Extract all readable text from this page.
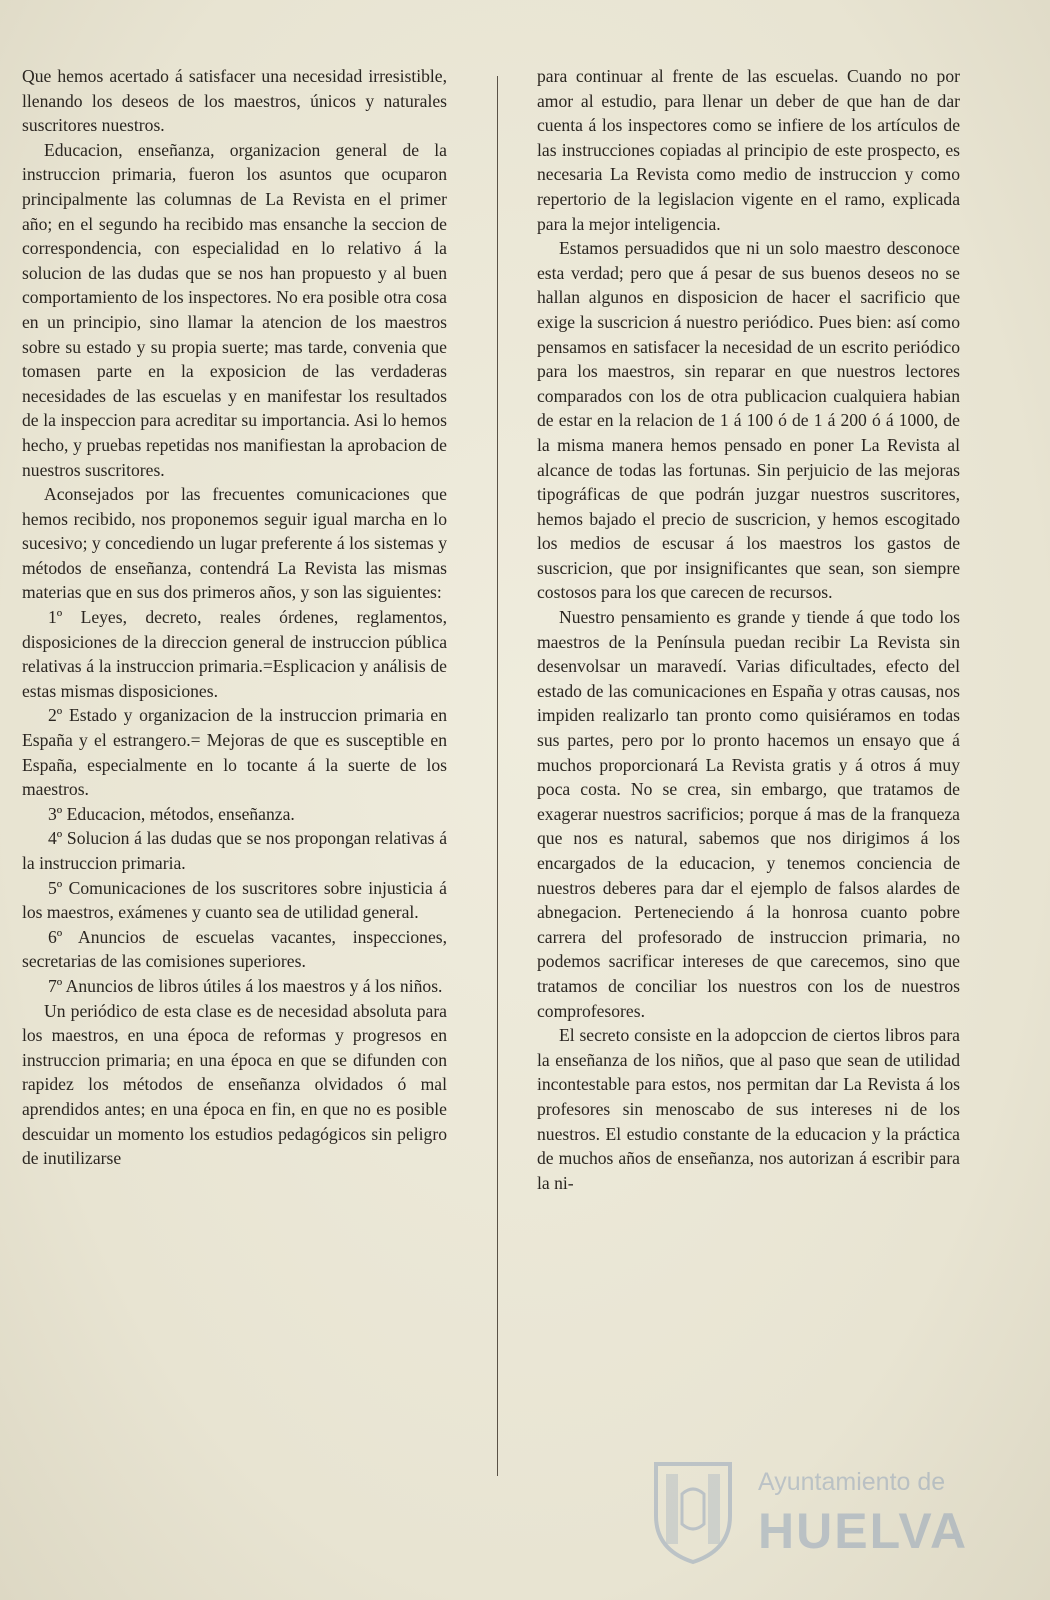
Que hemos acertado á satisfacer una necesidad irresistible, llenando los deseos de los maestros, únicos y naturales suscritores nuestros.

Educacion, enseñanza, organizacion general de la instruccion primaria, fueron los asuntos que ocuparon principalmente las columnas de La Revista en el primer año; en el segundo ha recibido mas ensanche la seccion de correspondencia, con especialidad en lo relativo á la solucion de las dudas que se nos han propuesto y al buen comportamiento de los inspectores. No era posible otra cosa en un principio, sino llamar la atencion de los maestros sobre su estado y su propia suerte; mas tarde, convenia que tomasen parte en la exposicion de las verdaderas necesidades de las escuelas y en manifestar los resultados de la inspeccion para acreditar su importancia. Asi lo hemos hecho, y pruebas repetidas nos manifiestan la aprobacion de nuestros suscritores.

Aconsejados por las frecuentes comunicaciones que hemos recibido, nos proponemos seguir igual marcha en lo sucesivo; y concediendo un lugar preferente á los sistemas y métodos de enseñanza, contendrá La Revista las mismas materias que en sus dos primeros años, y son las siguientes:

1º Leyes, decreto, reales órdenes, reglamentos, disposiciones de la direccion general de instruccion pública relativas á la instruccion primaria.=Esplicacion y análisis de estas mismas disposiciones.

2º Estado y organizacion de la instruccion primaria en España y el estrangero.= Mejoras de que es susceptible en España, especialmente en lo tocante á la suerte de los maestros.

3º Educacion, métodos, enseñanza.

4º Solucion á las dudas que se nos propongan relativas á la instruccion primaria.

5º Comunicaciones de los suscritores sobre injusticia á los maestros, exámenes y cuanto sea de utilidad general.

6º Anuncios de escuelas vacantes, inspecciones, secretarias de las comisiones superiores.

7º Anuncios de libros útiles á los maestros y á los niños.

Un periódico de esta clase es de necesidad absoluta para los maestros, en una época de reformas y progresos en instruccion primaria; en una época en que se difunden con rapidez los métodos de enseñanza olvidados ó mal aprendidos antes; en una época en fin, en que no es posible descuidar un momento los estudios pedagógicos sin peligro de inutilizarse

para continuar al frente de las escuelas. Cuando no por amor al estudio, para llenar un deber de que han de dar cuenta á los inspectores como se infiere de los artículos de las instrucciones copiadas al principio de este prospecto, es necesaria La Revista como medio de instruccion y como repertorio de la legislacion vigente en el ramo, explicada para la mejor inteligencia.

Estamos persuadidos que ni un solo maestro desconoce esta verdad; pero que á pesar de sus buenos deseos no se hallan algunos en disposicion de hacer el sacrificio que exige la suscricion á nuestro periódico. Pues bien: así como pensamos en satisfacer la necesidad de un escrito periódico para los maestros, sin reparar en que nuestros lectores comparados con los de otra publicacion cualquiera habian de estar en la relacion de 1 á 100 ó de 1 á 200 ó á 1000, de la misma manera hemos pensado en poner La Revista al alcance de todas las fortunas. Sin perjuicio de las mejoras tipográficas de que podrán juzgar nuestros suscritores, hemos bajado el precio de suscricion, y hemos escogitado los medios de escusar á los maestros los gastos de suscricion, que por insignificantes que sean, son siempre costosos para los que carecen de recursos.

Nuestro pensamiento es grande y tiende á que todo los maestros de la Península puedan recibir La Revista sin desenvolsar un maravedí. Varias dificultades, efecto del estado de las comunicaciones en España y otras causas, nos impiden realizarlo tan pronto como quisiéramos en todas sus partes, pero por lo pronto hacemos un ensayo que á muchos proporcionará La Revista gratis y á otros á muy poca costa. No se crea, sin embargo, que tratamos de exagerar nuestros sacrificios; porque á mas de la franqueza que nos es natural, sabemos que nos dirigimos á los encargados de la educacion, y tenemos conciencia de nuestros deberes para dar el ejemplo de falsos alardes de abnegacion. Perteneciendo á la honrosa cuanto pobre carrera del profesorado de instruccion primaria, no podemos sacrificar intereses de que carecemos, sino que tratamos de conciliar los nuestros con los de nuestros comprofesores.

El secreto consiste en la adopccion de ciertos libros para la enseñanza de los niños, que al paso que sean de utilidad incontestable para estos, nos permitan dar La Revista á los profesores sin menoscabo de sus intereses ni de los nuestros. El estudio constante de la educacion y la práctica de muchos años de enseñanza, nos autorizan á escribir para la ni-

Ayuntamiento de
HUELVA
